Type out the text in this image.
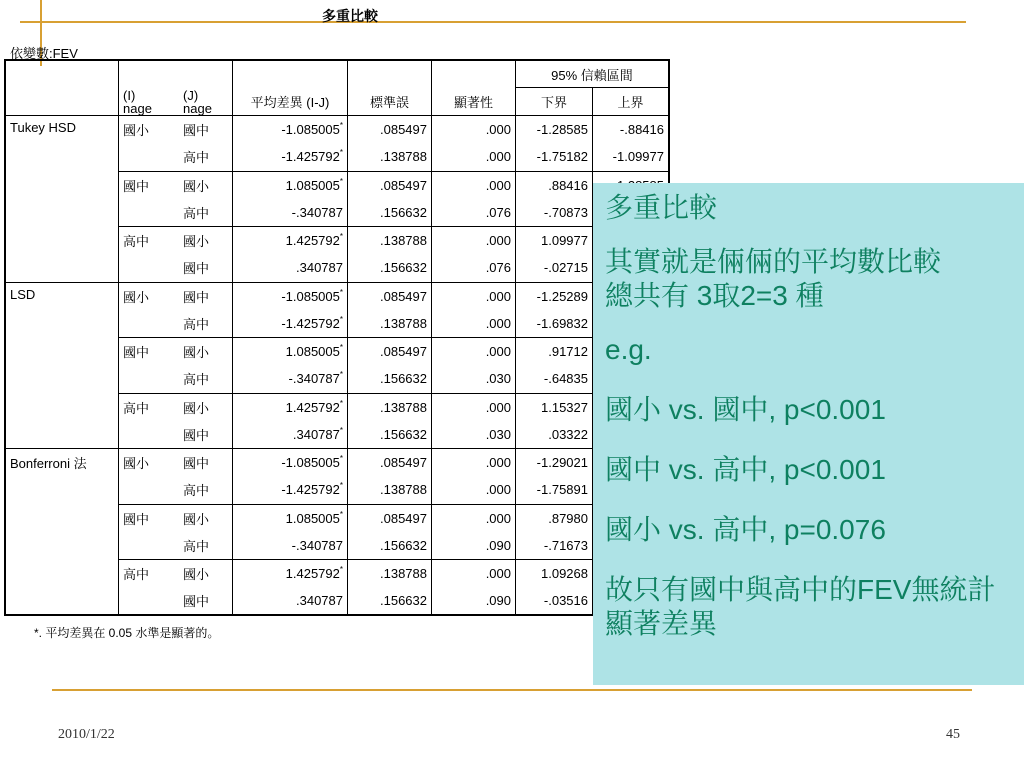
多重比較
依變數:FEV
						95% 信賴區間	
	(I)
nage	(J)
nage	平均差異 (I-J)	標準誤	顯著性	下界	上界
Tukey HSD	國小	國中	-1.085005*	.085497	.000	-1.28585	-.88416
		高中	-1.425792*	.138788	.000	-1.75182	-1.09977
	國中	國小	1.085005*	.085497	.000	.88416	
		高中	-.340787	.156632	.076	-.70873	
	高中	國小	1.425792*	.138788	.000	1.09977	
		國中	.340787	.156632	.076	-.02715	
LSD	國小	國中	-1.085005*	.085497	.000	-1.25289	
		高中	-1.425792*	.138788	.000	-1.69832	
	國中	國小	1.085005*	.085497	.000	.91712	
		高中	-.340787*	.156632	.030	-.64835	
	高中	國小	1.425792*	.138788	.000	1.15327	
		國中	.340787*	.156632	.030	.03322	
Bonferroni 法	國小	國中	-1.085005*	.085497	.000	-1.29021	
		高中	-1.425792*	.138788	.000	-1.75891	
	國中	國小	1.085005*	.085497	.000	.87980	
		高中	-.340787	.156632	.090	-.71673	
	高中	國小	1.425792*	.138788	.000	1.09268	
		國中	.340787	.156632	.090	-.03516	
*. 平均差異在 0.05 水準是顯著的。

多重比較

其實就是倆倆的平均數比較

總共有 3取2=3 種

e.g.

國小 vs. 國中, p<0.001

國中 vs. 高中, p<0.001

國小 vs. 高中, p=0.076

故只有國中與高中的FEV無統計顯著差異

2010/1/22	45
